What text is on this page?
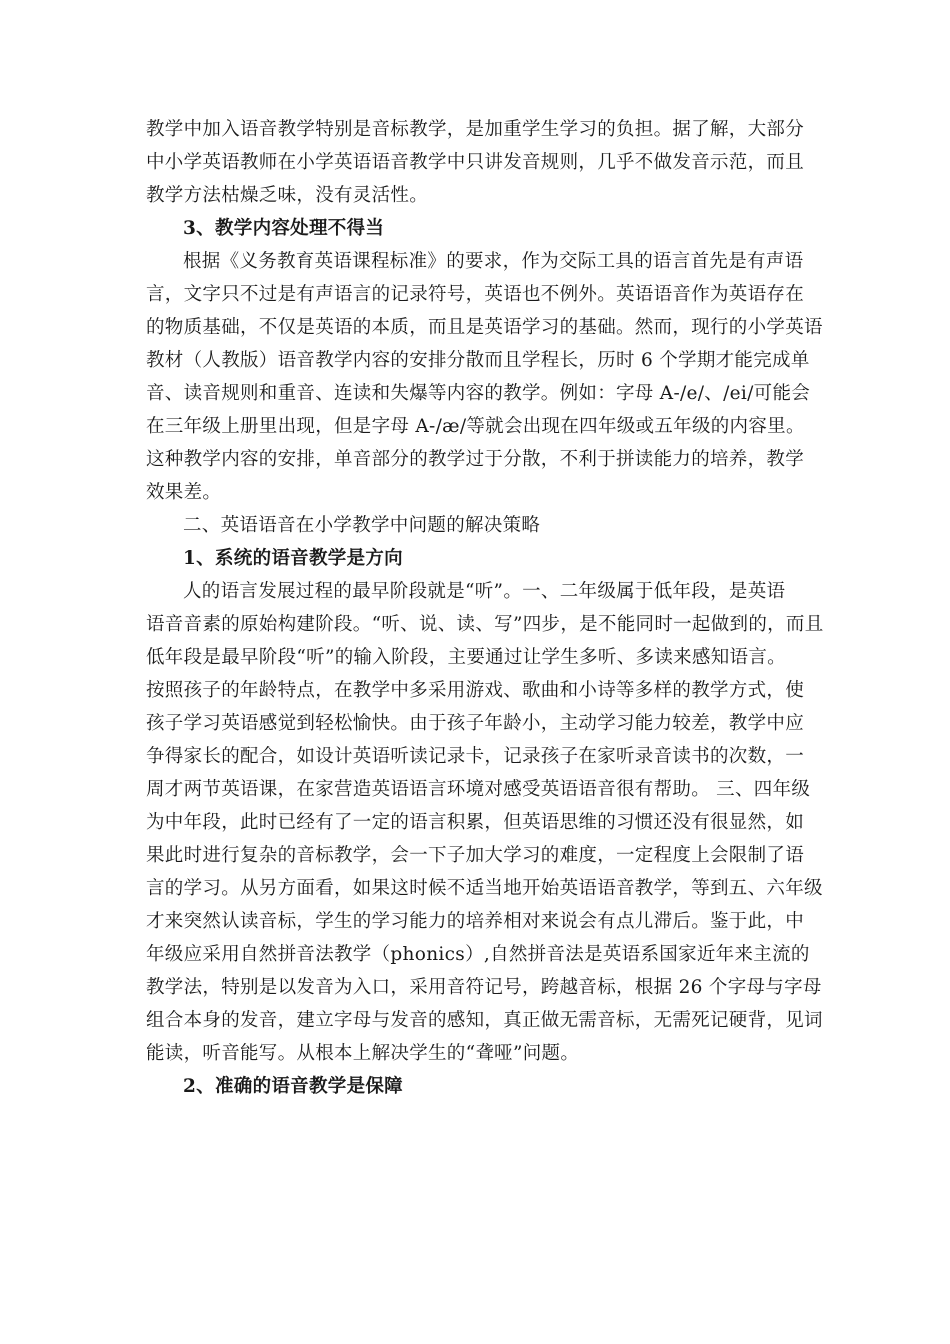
教学中加入语音教学特别是音标教学，是加重学生学习的负担。据了解，大部分
中小学英语教师在小学英语语音教学中只讲发音规则，几乎不做发音示范，而且
教学方法枯燥乏味，没有灵活性。
3、教学内容处理不得当
根据《义务教育英语课程标准》的要求，作为交际工具的语言首先是有声语
言，文字只不过是有声语言的记录符号，英语也不例外。英语语音作为英语存在
的物质基础，不仅是英语的本质，而且是英语学习的基础。然而，现行的小学英语
教材（人教版）语音教学内容的安排分散而且学程长，历时 6 个学期才能完成单
音、读音规则和重音、连读和失爆等内容的教学。例如：字母 A-/e/、/ei/可能会
在三年级上册里出现，但是字母 A-/æ/等就会出现在四年级或五年级的内容里。
这种教学内容的安排，单音部分的教学过于分散，不利于拼读能力的培养，教学
效果差。
二、英语语音在小学教学中问题的解决策略
1、系统的语音教学是方向
人的语言发展过程的最早阶段就是“听”。一、二年级属于低年段，是英语
语音音素的原始构建阶段。“听、说、读、写”四步，是不能同时一起做到的，而且
低年段是最早阶段“听”的输入阶段，主要通过让学生多听、多读来感知语言。
按照孩子的年龄特点，在教学中多采用游戏、歌曲和小诗等多样的教学方式，使
孩子学习英语感觉到轻松愉快。由于孩子年龄小，主动学习能力较差，教学中应
争得家长的配合，如设计英语听读记录卡，记录孩子在家听录音读书的次数，一
周才两节英语课，在家营造英语语言环境对感受英语语音很有帮助。 三、四年级
为中年段，此时已经有了一定的语言积累，但英语思维的习惯还没有很显然，如
果此时进行复杂的音标教学，会一下子加大学习的难度，一定程度上会限制了语
言的学习。从另方面看，如果这时候不适当地开始英语语音教学，等到五、六年级
才来突然认读音标，学生的学习能力的培养相对来说会有点儿滞后。鉴于此，中
年级应采用自然拼音法教学（phonics）,自然拼音法是英语系国家近年来主流的
教学法，特别是以发音为入口，采用音符记号，跨越音标，根据 26 个字母与字母
组合本身的发音，建立字母与发音的感知，真正做无需音标，无需死记硬背，见词
能读，听音能写。从根本上解决学生的“聋哑”问题。
2、准确的语音教学是保障
